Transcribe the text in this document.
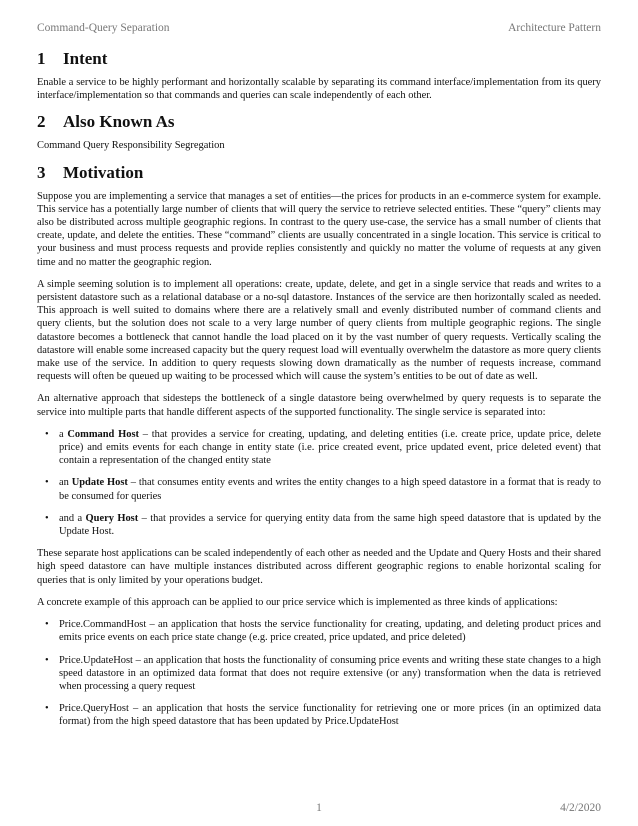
Command-Query Separation	Architecture Pattern
1	Intent

Enable a service to be highly performant and horizontally scalable by separating its command interface/implementation from its query interface/implementation so that commands and queries can scale independently of each other.

2	Also Known As

Command Query Responsibility Segregation

3	Motivation

Suppose you are implementing a service that manages a set of entities—the prices for products in an e-commerce system for example. This service has a potentially large number of clients that will query the service to retrieve selected entities. These “query” clients may also be distributed across multiple geographic regions. In contrast to the query use-case, the service has a small number of clients that create, update, and delete the entities. These “command” clients are usually concentrated in a single location. This service is critical to your business and must process requests and provide replies consistently and quickly no matter the volume of requests at any given time and no matter the geographic region.

A simple seeming solution is to implement all operations: create, update, delete, and get in a single service that reads and writes to a persistent datastore such as a relational database or a no-sql datastore. Instances of the service are then horizontally scaled as needed. This approach is well suited to domains where there are a relatively small and evenly distributed number of command clients and query clients, but the solution does not scale to a very large number of query clients from multiple geographic regions. The single datastore becomes a bottleneck that cannot handle the load placed on it by the vast number of query requests. Vertically scaling the datastore will enable some increased capacity but the query request load will eventually overwhelm the datastore as more query clients make use of the service. In addition to query requests slowing down dramatically as the number of requests increase, command requests will often be queued up waiting to be processed which will cause the system’s entities to be out of date as well.

An alternative approach that sidesteps the bottleneck of a single datastore being overwhelmed by query requests is to separate the service into multiple parts that handle different aspects of the supported functionality. The single service is separated into:

• a Command Host – that provides a service for creating, updating, and deleting entities (i.e. create price, update price, delete price) and emits events for each change in entity state (i.e. price created event, price updated event, price deleted event) that contain a representation of the changed entity state
• an Update Host – that consumes entity events and writes the entity changes to a high speed datastore in a format that is ready to be consumed for queries
• and a Query Host – that provides a service for querying entity data from the same high speed datastore that is updated by the Update Host.

These separate host applications can be scaled independently of each other as needed and the Update and Query Hosts and their shared high speed datastore can have multiple instances distributed across different geographic regions to enable horizontal scaling for queries that is only limited by your operations budget.

A concrete example of this approach can be applied to our price service which is implemented as three kinds of applications:

• Price.CommandHost – an application that hosts the service functionality for creating, updating, and deleting product prices and emits price events on each price state change (e.g. price created, price updated, and price deleted)
• Price.UpdateHost – an application that hosts the functionality of consuming price events and writing these state changes to a high speed datastore in an optimized data format that does not require extensive (or any) transformation when the data is retrieved when processing a query request
• Price.QueryHost – an application that hosts the service functionality for retrieving one or more prices (in an optimized data format) from the high speed datastore that has been updated by Price.UpdateHost
1	4/2/2020
